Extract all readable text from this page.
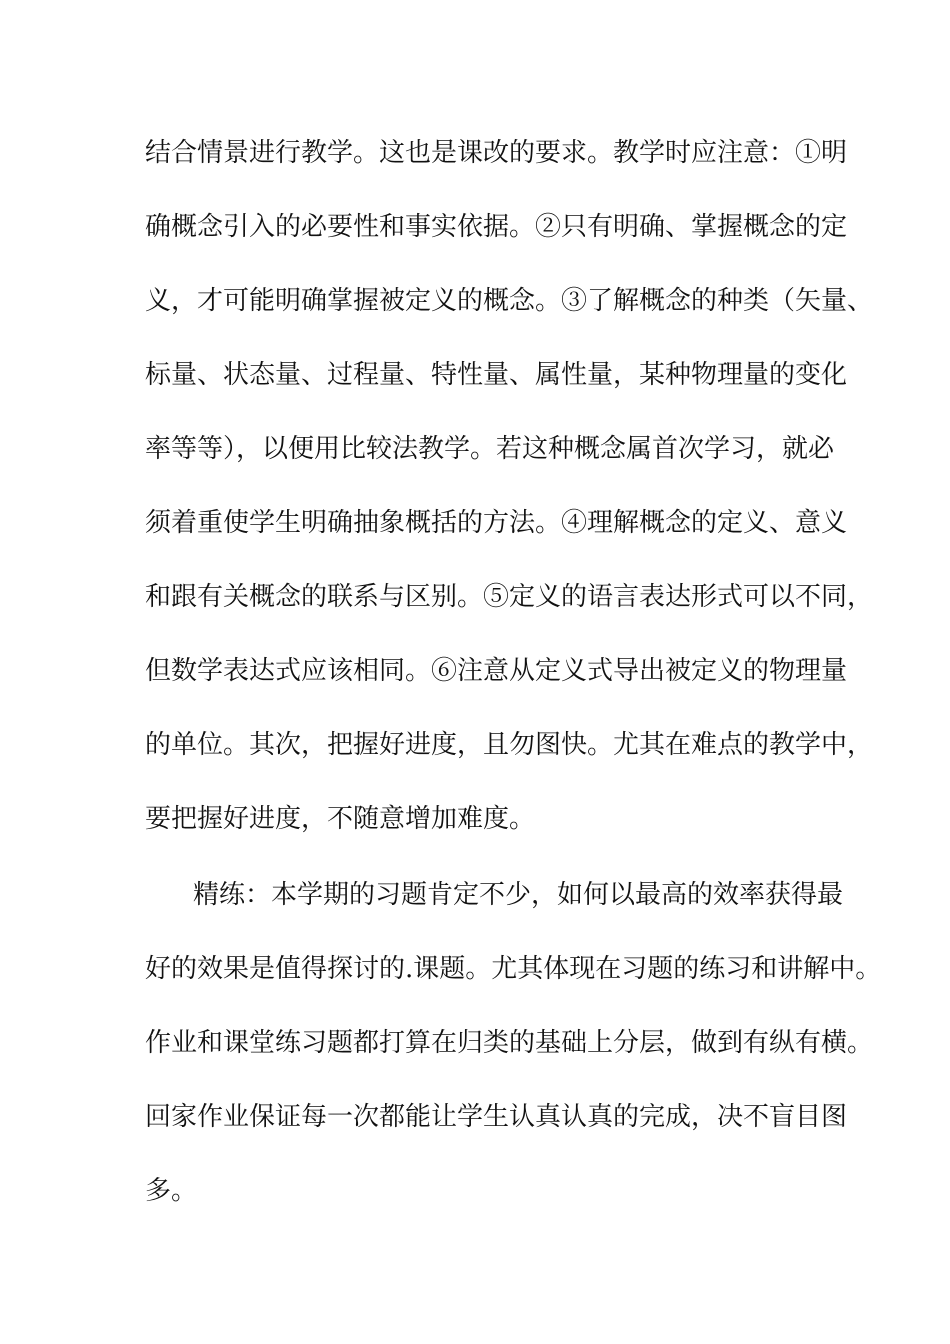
结合情景进行教学。这也是课改的要求。教学时应注意：①明
确概念引入的必要性和事实依据。②只有明确、掌握概念的定
义，才可能明确掌握被定义的概念。③了解概念的种类（矢量、
标量、状态量、过程量、特性量、属性量，某种物理量的变化
率等等），以便用比较法教学。若这种概念属首次学习，就必
须着重使学生明确抽象概括的方法。④理解概念的定义、意义
和跟有关概念的联系与区别。⑤定义的语言表达形式可以不同，
但数学表达式应该相同。⑥注意从定义式导出被定义的物理量
的单位。其次，把握好进度，且勿图快。尤其在难点的教学中，
要把握好进度，不随意增加难度。
精练：本学期的习题肯定不少，如何以最高的效率获得最
好的效果是值得探讨的.课题。尤其体现在习题的练习和讲解中。
作业和课堂练习题都打算在归类的基础上分层，做到有纵有横。
回家作业保证每一次都能让学生认真认真的完成，决不盲目图
多。
